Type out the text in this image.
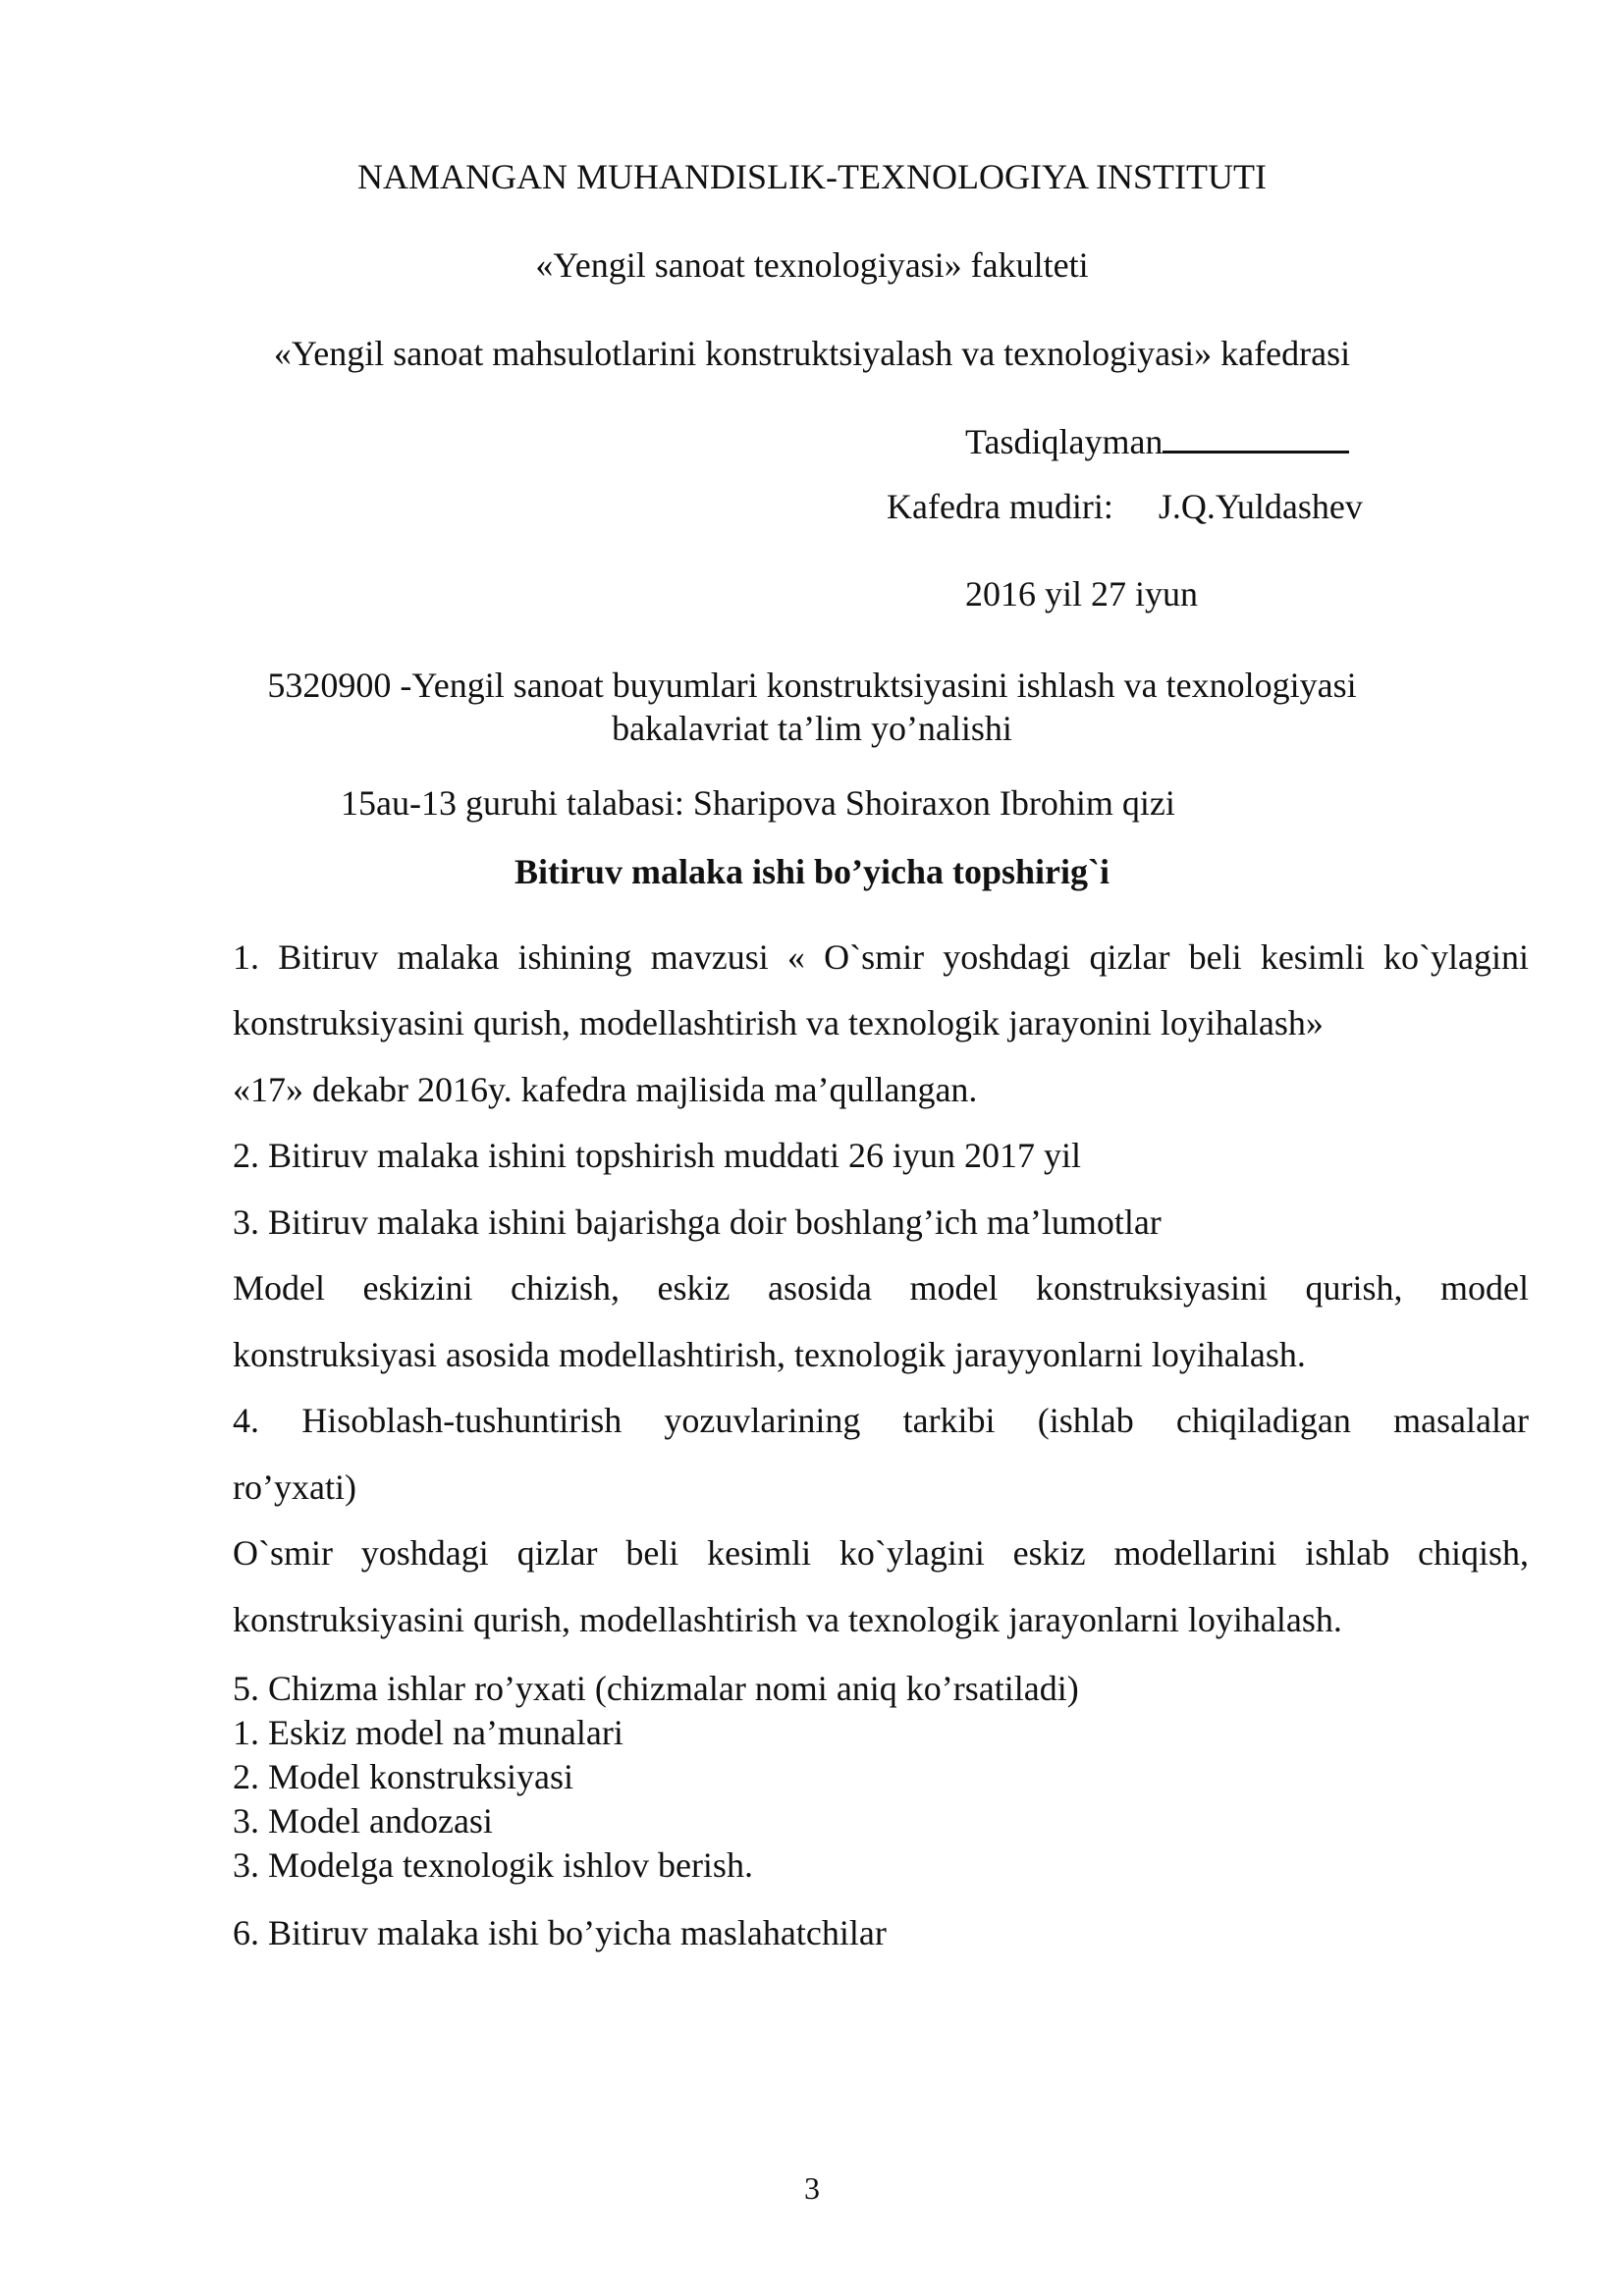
NAMANGAN MUHANDISLIK-TEXNOLOGIYA INSTITUTI
«Yengil sanoat texnologiyasi» fakulteti
«Yengil sanoat mahsulotlarini konstruktsiyalash va texnologiyasi» kafedrasi
Tasdiqlayman
Kafedra mudiri: J.Q.Yuldashev
2016 yil 27 iyun
5320900 -Yengil sanoat buyumlari konstruktsiyasini ishlash va texnologiyasi
bakalavriat ta’lim yo’nalishi
15au-13 guruhi talabasi: Sharipova Shoiraxon Ibrohim qizi
Bitiruv malaka ishi bo’yicha topshirig`i
1. Bitiruv malaka ishining mavzusi « O`smir yoshdagi qizlar beli kesimli ko`ylagini
konstruksiyasini qurish, modellashtirish va texnologik jarayonini loyihalash»
«17» dekabr 2016y. kafedra majlisida ma’qullangan.
2. Bitiruv malaka ishini topshirish muddati 26 iyun 2017 yil
3. Bitiruv malaka ishini bajarishga doir boshlang’ich ma’lumotlar
Model eskizini chizish, eskiz asosida model konstruksiyasini qurish, model
konstruksiyasi asosida modellashtirish, texnologik jarayyonlarni loyihalash.
4. Hisoblash-tushuntirish yozuvlarining tarkibi (ishlab chiqiladigan masalalar
ro’yxati)
O`smir yoshdagi qizlar beli kesimli ko`ylagini eskiz modellarini ishlab chiqish,
konstruksiyasini qurish, modellashtirish va texnologik jarayonlarni loyihalash.
5. Chizma ishlar ro’yxati (chizmalar nomi aniq ko’rsatiladi)
1. Eskiz model na’munalari
2. Model konstruksiyasi
3. Model andozasi
3. Modelga texnologik ishlov berish.
6. Bitiruv malaka ishi bo’yicha maslahatchilar
3
